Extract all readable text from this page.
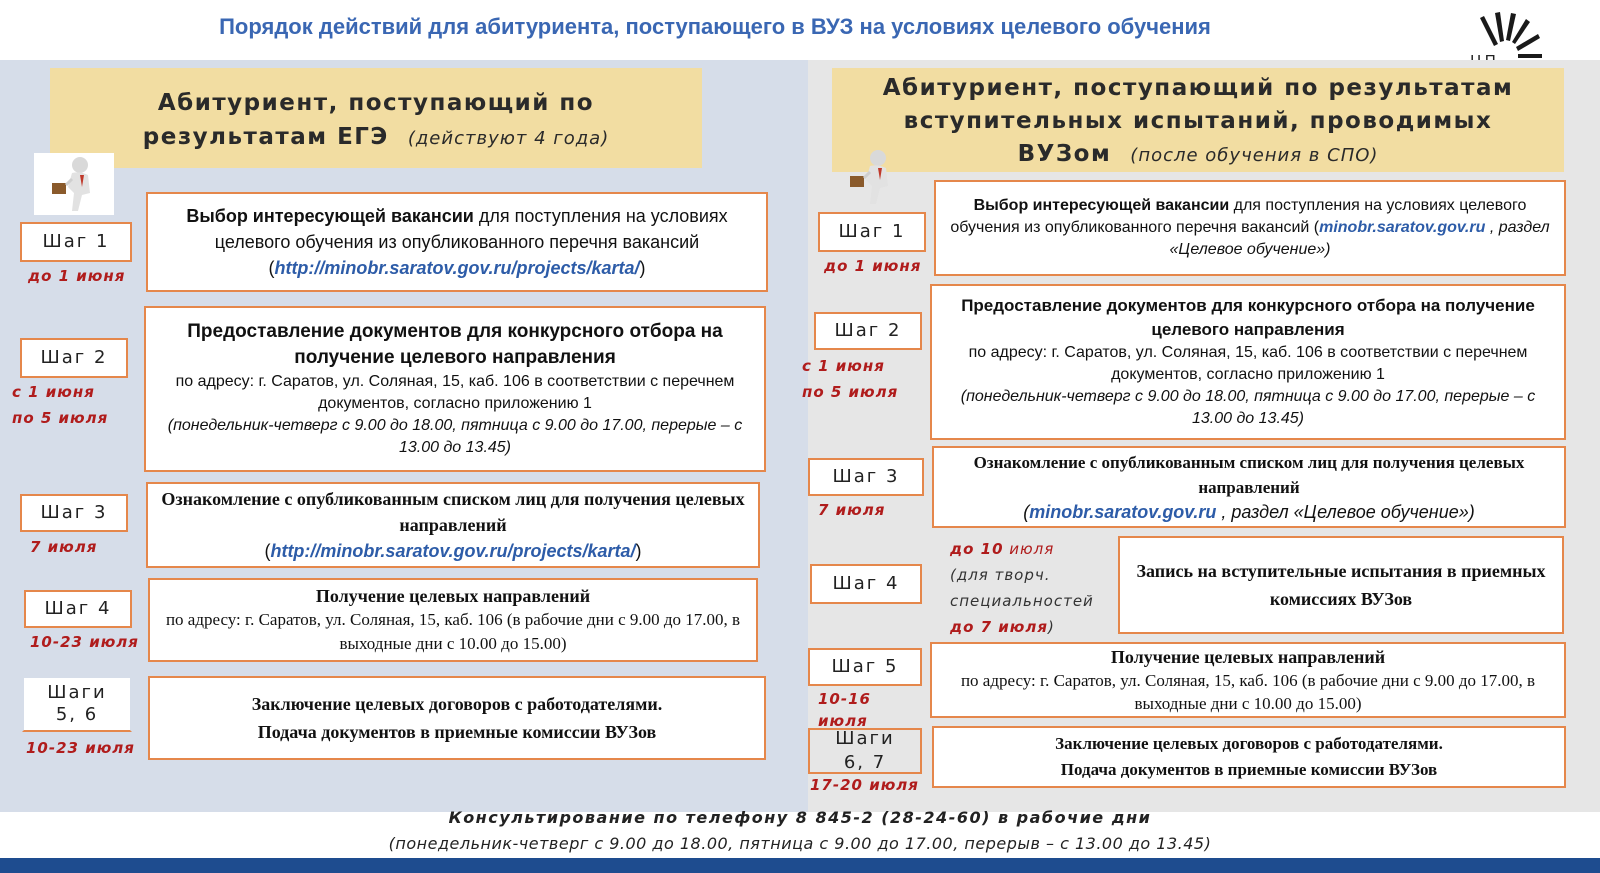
Порядок действий для абитуриента, поступающего в ВУЗ на условиях целевого обучения
Абитуриент, поступающий по
результатам ЕГЭ (действуют 4 года)
Абитуриент, поступающий по результатам
вступительных испытаний, проводимых
ВУЗом (после обучения в СПО)
Шаг 1
до 1 июня
Выбор интересующей вакансии для поступления на условиях целевого обучения из опубликованного перечня вакансий (http://minobr.saratov.gov.ru/projects/karta/)
Шаг 2
с 1 июня
по 5 июля
Предоставление документов для конкурсного отбора на получение целевого направления
по адресу: г. Саратов, ул. Соляная, 15, каб. 106 в соответствии с перечнем документов, согласно приложению 1
(понедельник-четверг с 9.00 до 18.00, пятница с 9.00 до 17.00, перерые – с 13.00 до 13.45)
Шаг 3
7 июля
Ознакомление с опубликованным списком лиц для получения целевых направлений
(http://minobr.saratov.gov.ru/projects/karta/)
Шаг 4
10-23 июля
Получение целевых направлений
по адресу: г. Саратов, ул. Соляная, 15, каб. 106 (в рабочие дни с 9.00 до 17.00, в выходные дни с 10.00 до 15.00)
Шаги
5, 6
10-23 июля
Заключение целевых договоров с работодателями.
Подача документов в приемные комиссии ВУЗов
Шаг 1
до 1 июня
Выбор интересующей вакансии для поступления на условиях целевого обучения из опубликованного перечня вакансий (minobr.saratov.gov.ru , раздел «Целевое обучение»)
Шаг 2
с 1 июня
по 5 июля
Предоставление документов для конкурсного отбора на получение целевого направления
по адресу: г. Саратов, ул. Соляная, 15, каб. 106 в соответствии с перечнем документов, согласно приложению 1
(понедельник-четверг с 9.00 до 18.00, пятница с 9.00 до 17.00, перерые – с 13.00 до 13.45)
Шаг 3
7 июля
Ознакомление с опубликованным списком лиц для получения целевых направлений
(minobr.saratov.gov.ru , раздел «Целевое обучение»)
Шаг 4
до 10 июля
(для творч.
специальностей
до 7 июля)
Запись на вступительные испытания в приемных комиссиях ВУЗов
Шаг 5
10-16
июля
Получение целевых направлений
по адресу: г. Саратов, ул. Соляная, 15, каб. 106 (в рабочие дни с 9.00 до 17.00, в выходные дни с 10.00 до 15.00)
Шаги
6, 7
17-20 июля
Заключение целевых договоров с работодателями.
Подача документов в приемные комиссии ВУЗов
Консультирование по телефону 8 845-2 (28-24-60) в рабочие дни
(понедельник-четверг с 9.00 до 18.00, пятница с 9.00 до 17.00, перерыв – с 13.00 до 13.45)
